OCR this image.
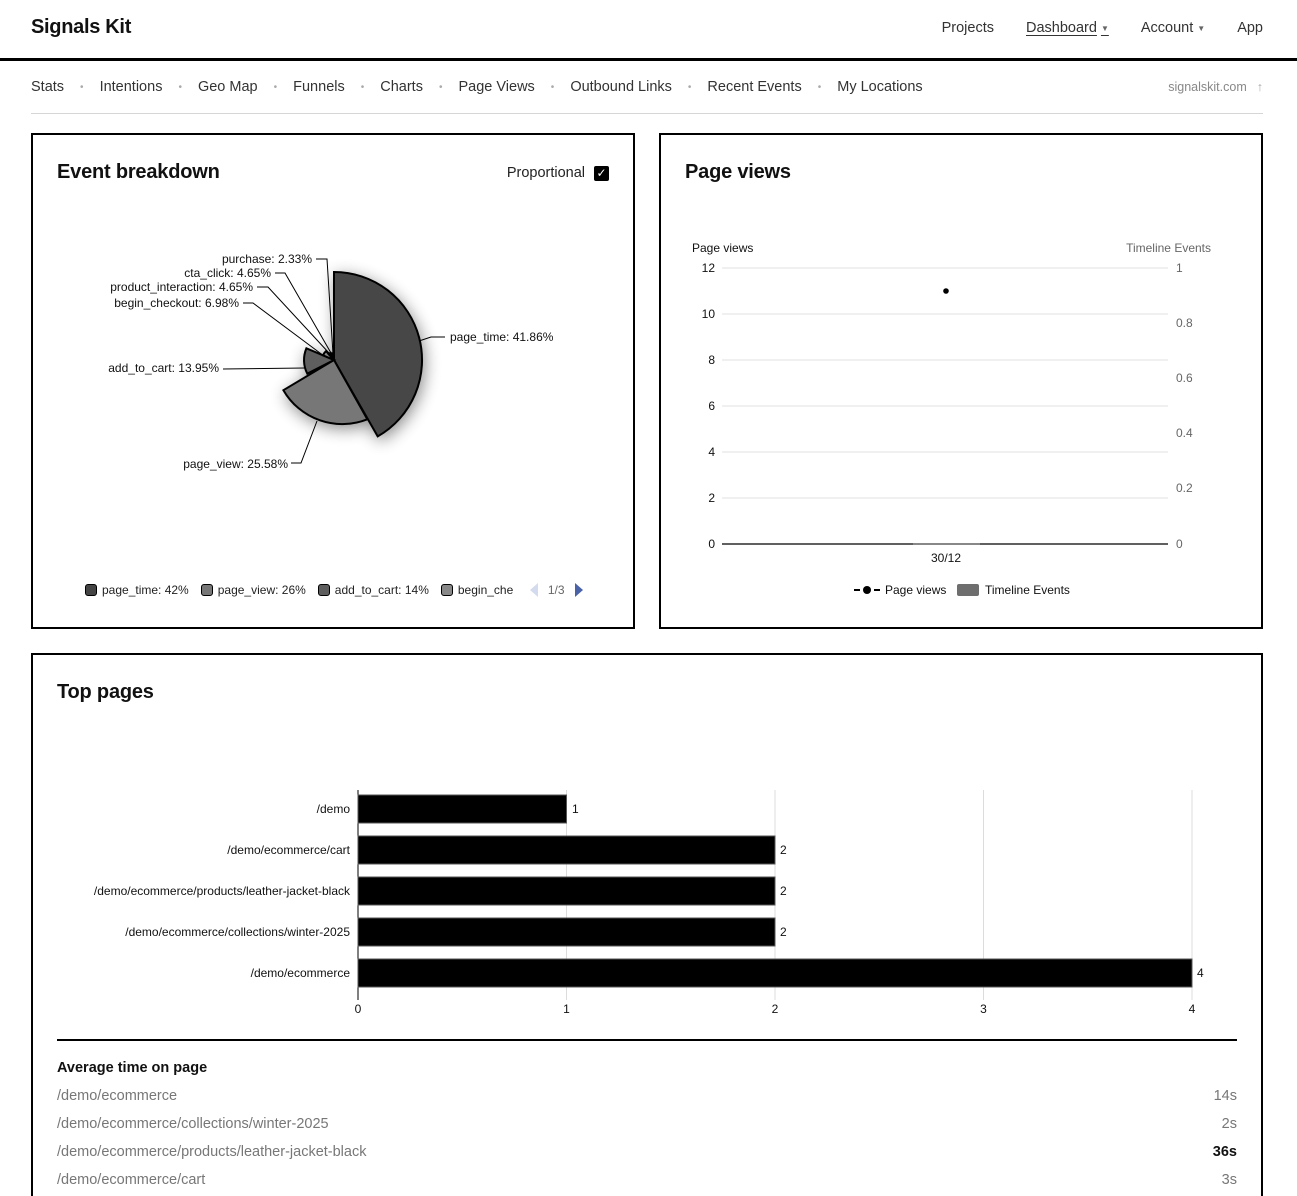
Signals Kit	Projects Dashboard ▼ Account ▼ App
Stats • Intentions • Geo Map • Funnels • Charts • Page Views • Outbound Links • Recent Events • My Locations	signalskit.com ↑
Event breakdown	Proportional ✓
page_time: 41.86%
page_view: 25.58%
add_to_cart: 13.95%
begin_checkout: 6.98%
product_interaction: 4.65%
cta_click: 4.65%
purchase: 2.33%
page_time: 42% page_view: 26% add_to_cart: 14% begin_che	1/3
Page views
Page views	Timeline Events
12
10
8
6
4
2
0
1
0.8
0.6
0.4
0.2
0
30/12
Page views	Timeline Events
Top pages
/demo
/demo/ecommerce/cart
/demo/ecommerce/products/leather-jacket-black
/demo/ecommerce/collections/winter-2025
/demo/ecommerce
1
2
2
2
4
0	1	2	3	4
Average time on page
/demo/ecommerce	14s
/demo/ecommerce/collections/winter-2025	2s
/demo/ecommerce/products/leather-jacket-black	36s
/demo/ecommerce/cart	3s
